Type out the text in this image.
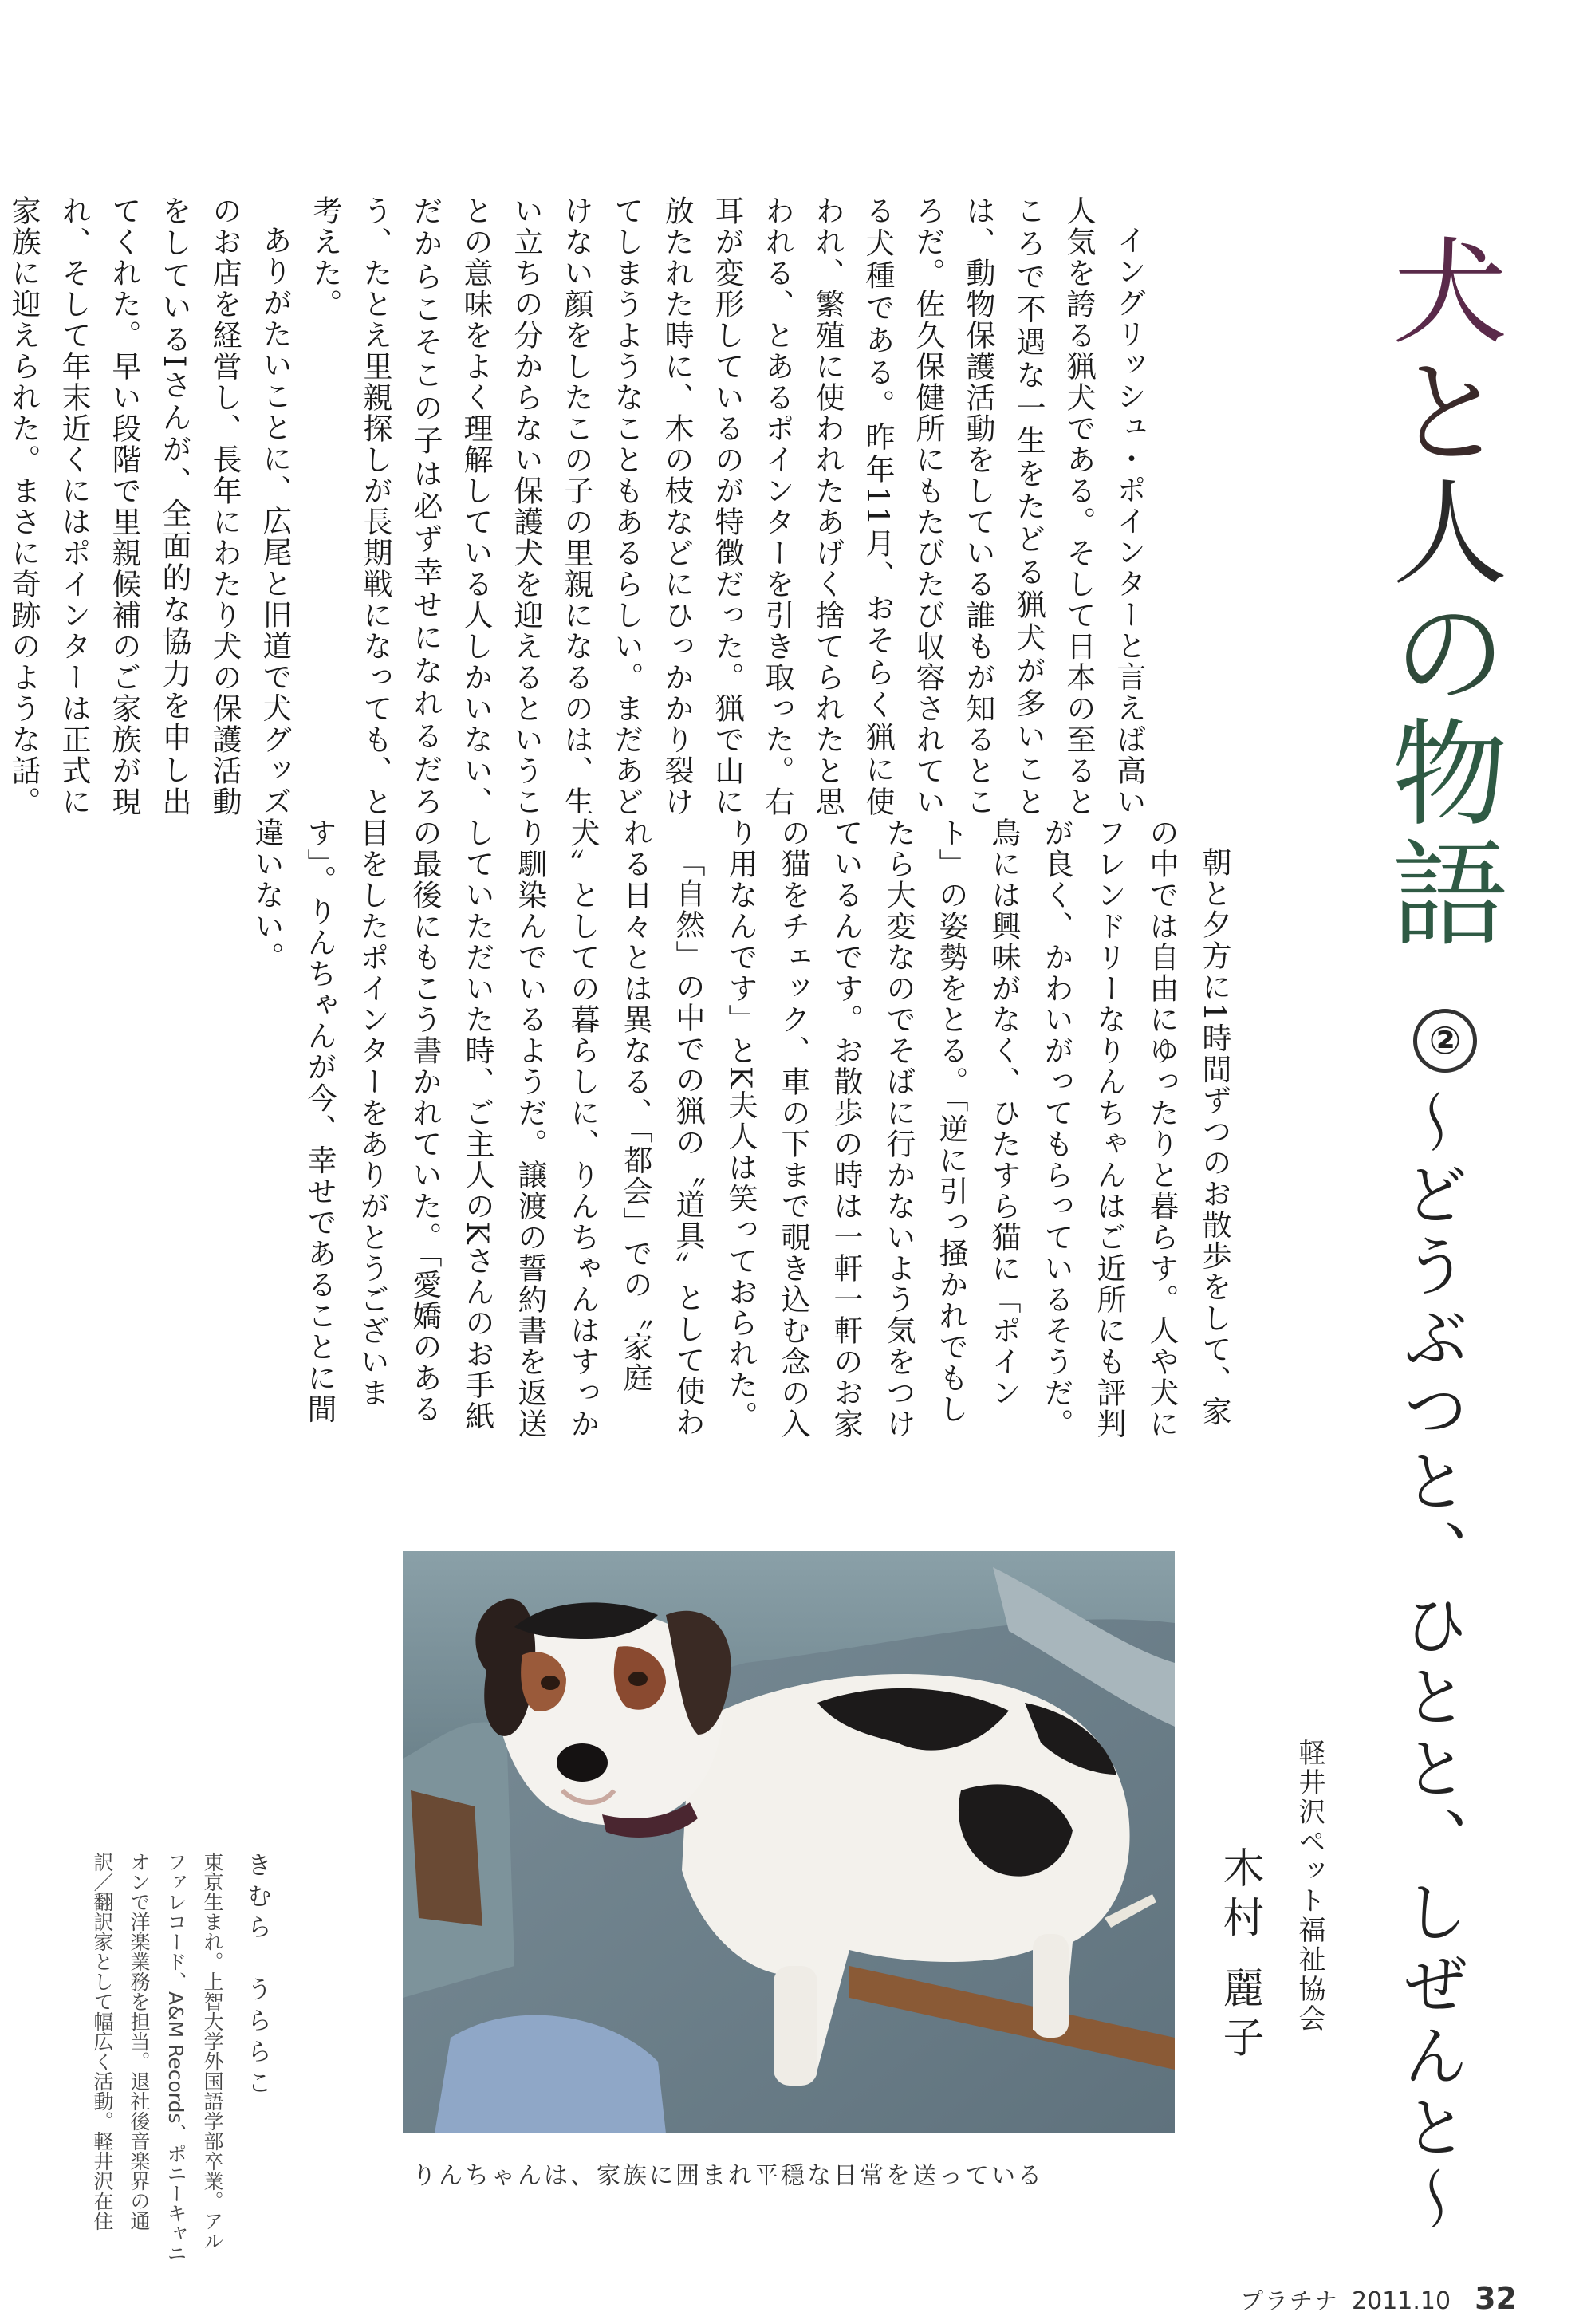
犬と人の物語
②
～どうぶつと、ひとと、しぜんと～
軽井沢ペット福祉協会
木村 麗子

イングリッシュ・ポインターと言えば高い人気を誇る猟犬である。そして日本の至るところで不遇な一生をたどる猟犬が多いことは、動物保護活動をしている誰もが知るところだ。佐久保健所にもたびたび収容されている犬種である。昨年11月、おそらく猟に使われ、繁殖に使われたあげく捨てられたと思われる、とあるポインターを引き取った。右耳が変形しているのが特徴だった。猟で山に放たれた時に、木の枝などにひっかかり裂けてしまうようなこともあるらしい。まだあどけない顔をしたこの子の里親になるのは、生い立ちの分からない保護犬を迎えるということの意味をよく理解している人しかいない、だからこそこの子は必ず幸せになれるだろう、たとえ里親探しが長期戦になっても、と考えた。

ありがたいことに、広尾と旧道で犬グッズのお店を経営し、長年にわたり犬の保護活動をしているIさんが、全面的な協力を申し出てくれた。早い段階で里親候補のご家族が現れ、そして年末近くにはポインターは正式に家族に迎えられた。まさに奇跡のような話。

朝と夕方に1時間ずつのお散歩をして、家の中では自由にゆったりと暮らす。人や犬にフレンドリーなりんちゃんはご近所にも評判が良く、かわいがってもらっているそうだ。鳥には興味がなく、ひたすら猫に「ポイント」の姿勢をとる。「逆に引っ掻かれでもしたら大変なのでそばに行かないよう気をつけているんです。お散歩の時は一軒一軒のお家の猫をチェック、車の下まで覗き込む念の入り用なんです」とK夫人は笑っておられた。

「自然」の中での猟の〝道具〟として使われる日々とは異なる、「都会」での〝家庭犬〟としての暮らしに、りんちゃんはすっかり馴染んでいるようだ。譲渡の誓約書を返送していただいた時、ご主人のKさんのお手紙の最後にもこう書かれていた。「愛嬌のある目をしたポインターをありがとうございます」。りんちゃんが今、幸せであることに間違いない。

りんちゃんは、家族に囲まれ平穏な日常を送っている
きむら　うららこ

東京生まれ。上智大学外国語学部卒業。アル

ファレコード、A&M Records、ポニーキャニ

オンで洋楽業務を担当。退社後音楽界の通

訳／翻訳家として幅広く活動。軽井沢在住

プラチナ 2011.10 32
